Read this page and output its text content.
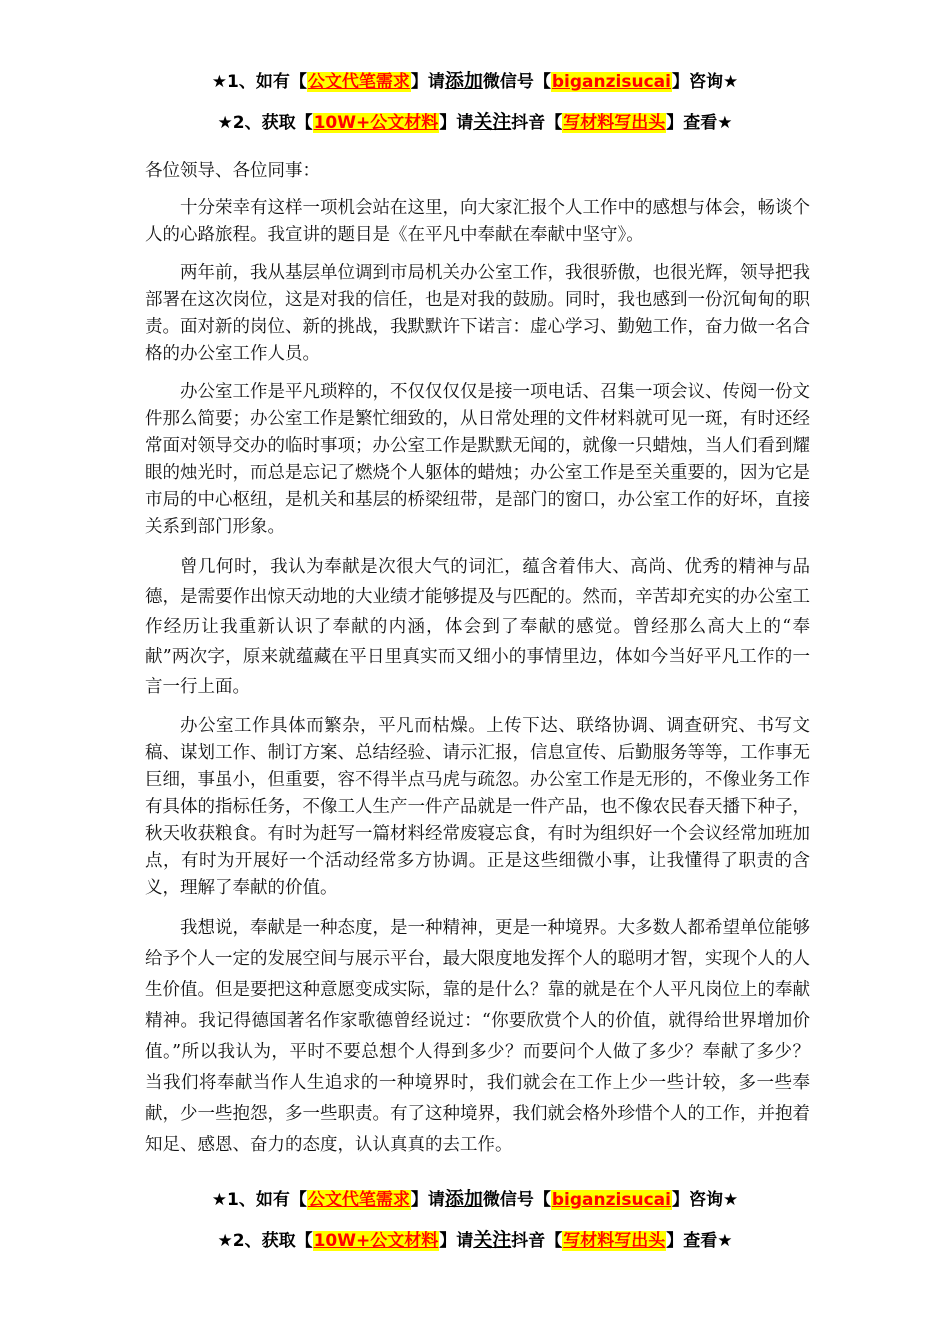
★1、如有【公文代笔需求】请添加微信号【biganzisucai】咨询★
★2、获取【10W+公文材料】请关注抖音【写材料写出头】查看★

各位领导、各位同事：

十分荣幸有这样一项机会站在这里，向大家汇报个人工作中的感想与体会，畅谈个人的心路旅程。我宣讲的题目是《在平凡中奉献在奉献中坚守》。

两年前，我从基层单位调到市局机关办公室工作，我很骄傲，也很光辉，领导把我部署在这次岗位，这是对我的信任，也是对我的鼓励。同时，我也感到一份沉甸甸的职责。面对新的岗位、新的挑战，我默默许下诺言：虚心学习、勤勉工作，奋力做一名合格的办公室工作人员。

办公室工作是平凡琐粹的，不仅仅仅仅是接一项电话、召集一项会议、传阅一份文件那么简要；办公室工作是繁忙细致的，从日常处理的文件材料就可见一斑，有时还经常面对领导交办的临时事项；办公室工作是默默无闻的，就像一只蜡烛，当人们看到耀眼的烛光时，而总是忘记了燃烧个人躯体的蜡烛；办公室工作是至关重要的，因为它是市局的中心枢纽，是机关和基层的桥梁纽带，是部门的窗口，办公室工作的好坏，直接关系到部门形象。

曾几何时，我认为奉献是次很大气的词汇，蕴含着伟大、高尚、优秀的精神与品德，是需要作出惊天动地的大业绩才能够提及与匹配的。然而，辛苦却充实的办公室工作经历让我重新认识了奉献的内涵，体会到了奉献的感觉。曾经那么高大上的“奉献”两次字，原来就蕴藏在平日里真实而又细小的事情里边，体如今当好平凡工作的一言一行上面。

办公室工作具体而繁杂，平凡而枯燥。上传下达、联络协调、调查研究、书写文稿、谋划工作、制订方案、总结经验、请示汇报，信息宣传、后勤服务等等，工作事无巨细，事虽小，但重要，容不得半点马虎与疏忽。办公室工作是无形的，不像业务工作有具体的指标任务，不像工人生产一件产品就是一件产品，也不像农民春天播下种子，秋天收获粮食。有时为赶写一篇材料经常废寝忘食，有时为组织好一个会议经常加班加点，有时为开展好一个活动经常多方协调。正是这些细微小事，让我懂得了职责的含义，理解了奉献的价值。

我想说，奉献是一种态度，是一种精神，更是一种境界。大多数人都希望单位能够给予个人一定的发展空间与展示平台，最大限度地发挥个人的聪明才智，实现个人的人生价值。但是要把这种意愿变成实际，靠的是什么？靠的就是在个人平凡岗位上的奉献精神。我记得德国著名作家歌德曾经说过：“你要欣赏个人的价值，就得给世界增加价值。”所以我认为，平时不要总想个人得到多少？而要问个人做了多少？奉献了多少？当我们将奉献当作人生追求的一种境界时，我们就会在工作上少一些计较，多一些奉献，少一些抱怨，多一些职责。有了这种境界，我们就会格外珍惜个人的工作，并抱着知足、感恩、奋力的态度，认认真真的去工作。

★1、如有【公文代笔需求】请添加微信号【biganzisucai】咨询★
★2、获取【10W+公文材料】请关注抖音【写材料写出头】查看★
